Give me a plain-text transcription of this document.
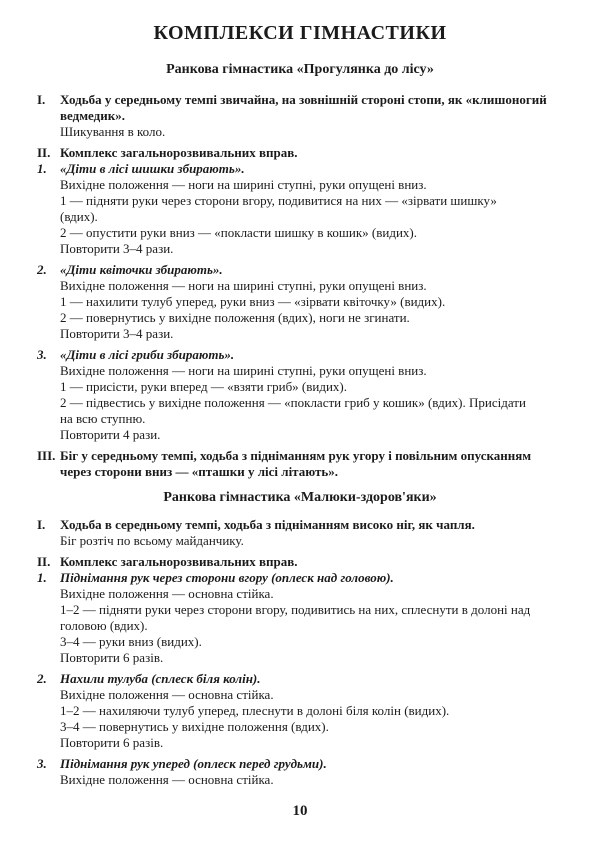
КОМПЛЕКСИ ГІМНАСТИКИ
Ранкова гімнастика «Прогулянка до лісу»
I. Ходьба у середньому темпі звичайна, на зовнішній стороні стопи, як «клишоногий
ведмедик».
Шикування в коло.
II. Комплекс загальнорозвивальних вправ.
1. «Діти в лісі шишки збирають».
Вихідне положення — ноги на ширині ступні, руки опущені вниз.
1 — підняти руки через сторони вгору, подивитися на них — «зірвати шишку»
(вдих).
2 — опустити руки вниз — «покласти шишку в кошик» (видих).
Повторити 3–4 рази.
2. «Діти квіточки збирають».
Вихідне положення — ноги на ширині ступні, руки опущені вниз.
1 — нахилити тулуб уперед, руки вниз — «зірвати квіточку» (видих).
2 — повернутись у вихідне положення (вдих), ноги не згинати.
Повторити 3–4 рази.
3. «Діти в лісі гриби збирають».
Вихідне положення — ноги на ширині ступні, руки опущені вниз.
1 — присісти, руки вперед — «взяти гриб» (видих).
2 — підвестись у вихідне положення — «покласти гриб у кошик» (вдих). Присідати
на всю ступню.
Повторити 4 рази.
III. Біг у середньому темпі, ходьба з підніманням рук угору і повільним опусканням
через сторони вниз — «пташки у лісі літають».
Ранкова гімнастика «Малюки-здоров'яки»
I. Ходьба в середньому темпі, ходьба з підніманням високо ніг, як чапля.
Біг розтіч по всьому майданчику.
II. Комплекс загальнорозвивальних вправ.
1. Піднімання рук через сторони вгору (оплеск над головою).
Вихідне положення — основна стійка.
1–2 — підняти руки через сторони вгору, подивитись на них, сплеснути в долоні над
головою (вдих).
3–4 — руки вниз (видих).
Повторити 6 разів.
2. Нахили тулуба (сплеск біля колін).
Вихідне положення — основна стійка.
1–2 — нахиляючи тулуб уперед, плеснути в долоні біля колін (видих).
3–4 — повернутись у вихідне положення (вдих).
Повторити 6 разів.
3. Піднімання рук уперед (оплеск перед грудьми).
Вихідне положення — основна стійка.
10
